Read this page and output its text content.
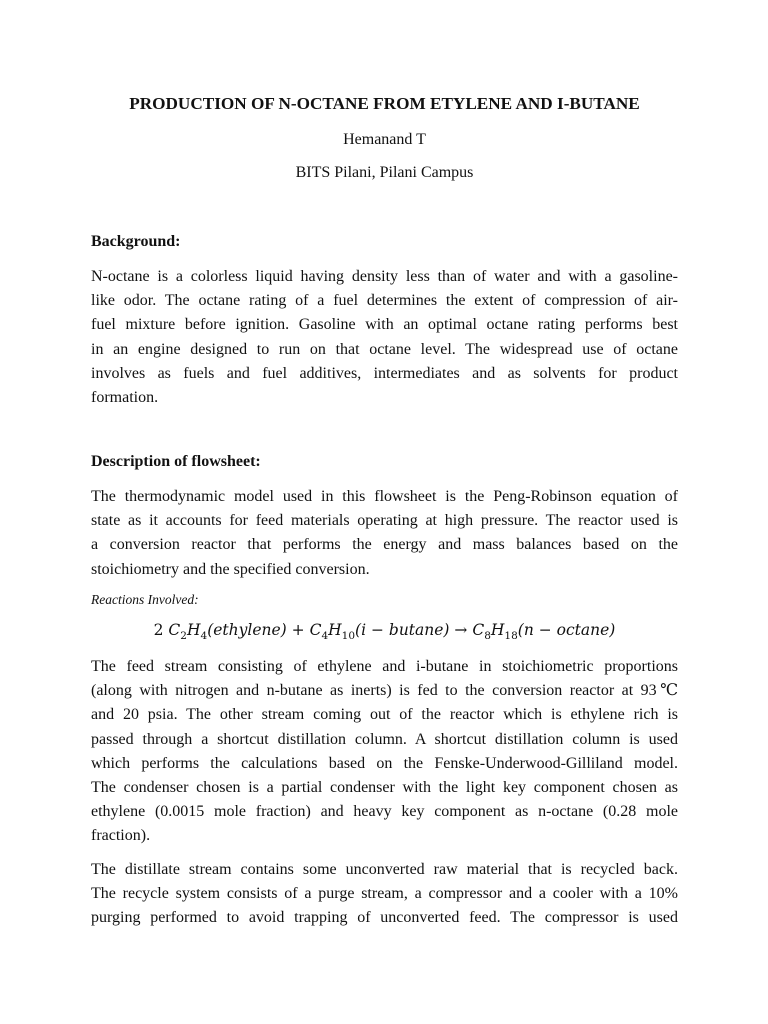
PRODUCTION OF N-OCTANE FROM ETYLENE AND I-BUTANE
Hemanand T
BITS Pilani, Pilani Campus
Background:
N-octane is a colorless liquid having density less than of water and with a gasoline-
like odor. The octane rating of a fuel determines the extent of compression of air-
fuel mixture before ignition. Gasoline with an optimal octane rating performs best
in an engine designed to run on that octane level. The widespread use of octane
involves as fuels and fuel additives, intermediates and as solvents for product
formation.
Description of flowsheet:
The thermodynamic model used in this flowsheet is the Peng-Robinson equation of
state as it accounts for feed materials operating at high pressure. The reactor used is
a conversion reactor that performs the energy and mass balances based on the
stoichiometry and the specified conversion.
Reactions Involved:
2 $C_2H_4(ethylene) + C_4H_{10}(i - butane) \to C_8H_{18}(n - octane)$
The feed stream consisting of ethylene and i-butane in stoichiometric proportions
(along with nitrogen and n-butane as inerts) is fed to the conversion reactor at 93℃
and 20 psia. The other stream coming out of the reactor which is ethylene rich is
passed through a shortcut distillation column. A shortcut distillation column is used
which performs the calculations based on the Fenske-Underwood-Gilliland model.
The condenser chosen is a partial condenser with the light key component chosen as
ethylene (0.0015 mole fraction) and heavy key component as n-octane (0.28 mole
fraction).
The distillate stream contains some unconverted raw material that is recycled back.
The recycle system consists of a purge stream, a compressor and a cooler with a 10%
purging performed to avoid trapping of unconverted feed. The compressor is used
